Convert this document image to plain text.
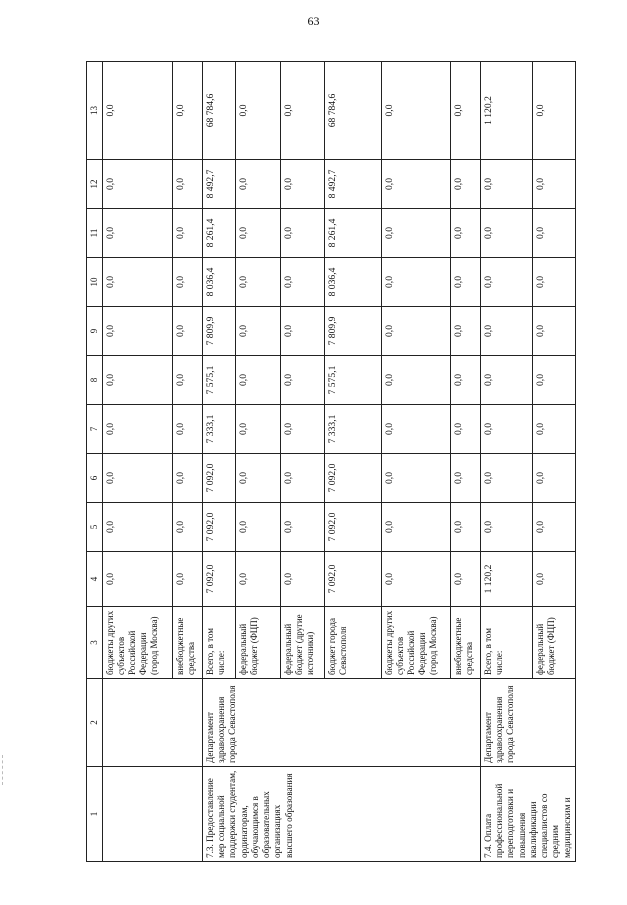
63
1	2	3	4	5	6	7	8	9	10	11	12	13
		бюджеты других субъектов Российской Федерации (город Москва)	0,0	0,0	0,0	0,0	0,0	0,0	0,0	0,0	0,0	0,0
		внебюджетные средства	0,0	0,0	0,0	0,0	0,0	0,0	0,0	0,0	0,0	0,0
7.3. Предоставление мер социальной поддержки студентам, ординаторам, обучающимся в образовательных организациях высшего образования	Департамент здравоохранения города Севастополя	Всего, в том числе:	7 092,0	7 092,0	7 092,0	7 333,1	7 575,1	7 809,9	8 036,4	8 261,4	8 492,7	68 784,6
		федеральный бюджет (ФЦП)	0,0	0,0	0,0	0,0	0,0	0,0	0,0	0,0	0,0	0,0
		федеральный бюджет (другие источники)	0,0	0,0	0,0	0,0	0,0	0,0	0,0	0,0	0,0	0,0
		бюджет города Севастополя	7 092,0	7 092,0	7 092,0	7 333,1	7 575,1	7 809,9	8 036,4	8 261,4	8 492,7	68 784,6
		бюджеты других субъектов Российской Федерации (город Москва)	0,0	0,0	0,0	0,0	0,0	0,0	0,0	0,0	0,0	0,0
		внебюджетные средства	0,0	0,0	0,0	0,0	0,0	0,0	0,0	0,0	0,0	0,0
7.4. Оплата профессиональной переподготовки и повышения квалификации специалистов со средним медицинским и	Департамент здравоохранения города Севастополя	Всего, в том числе:	1 120,2	0,0	0,0	0,0	0,0	0,0	0,0	0,0	0,0	1 120,2
		федеральный бюджет (ФЦП)	0,0	0,0	0,0	0,0	0,0	0,0	0,0	0,0	0,0	0,0
